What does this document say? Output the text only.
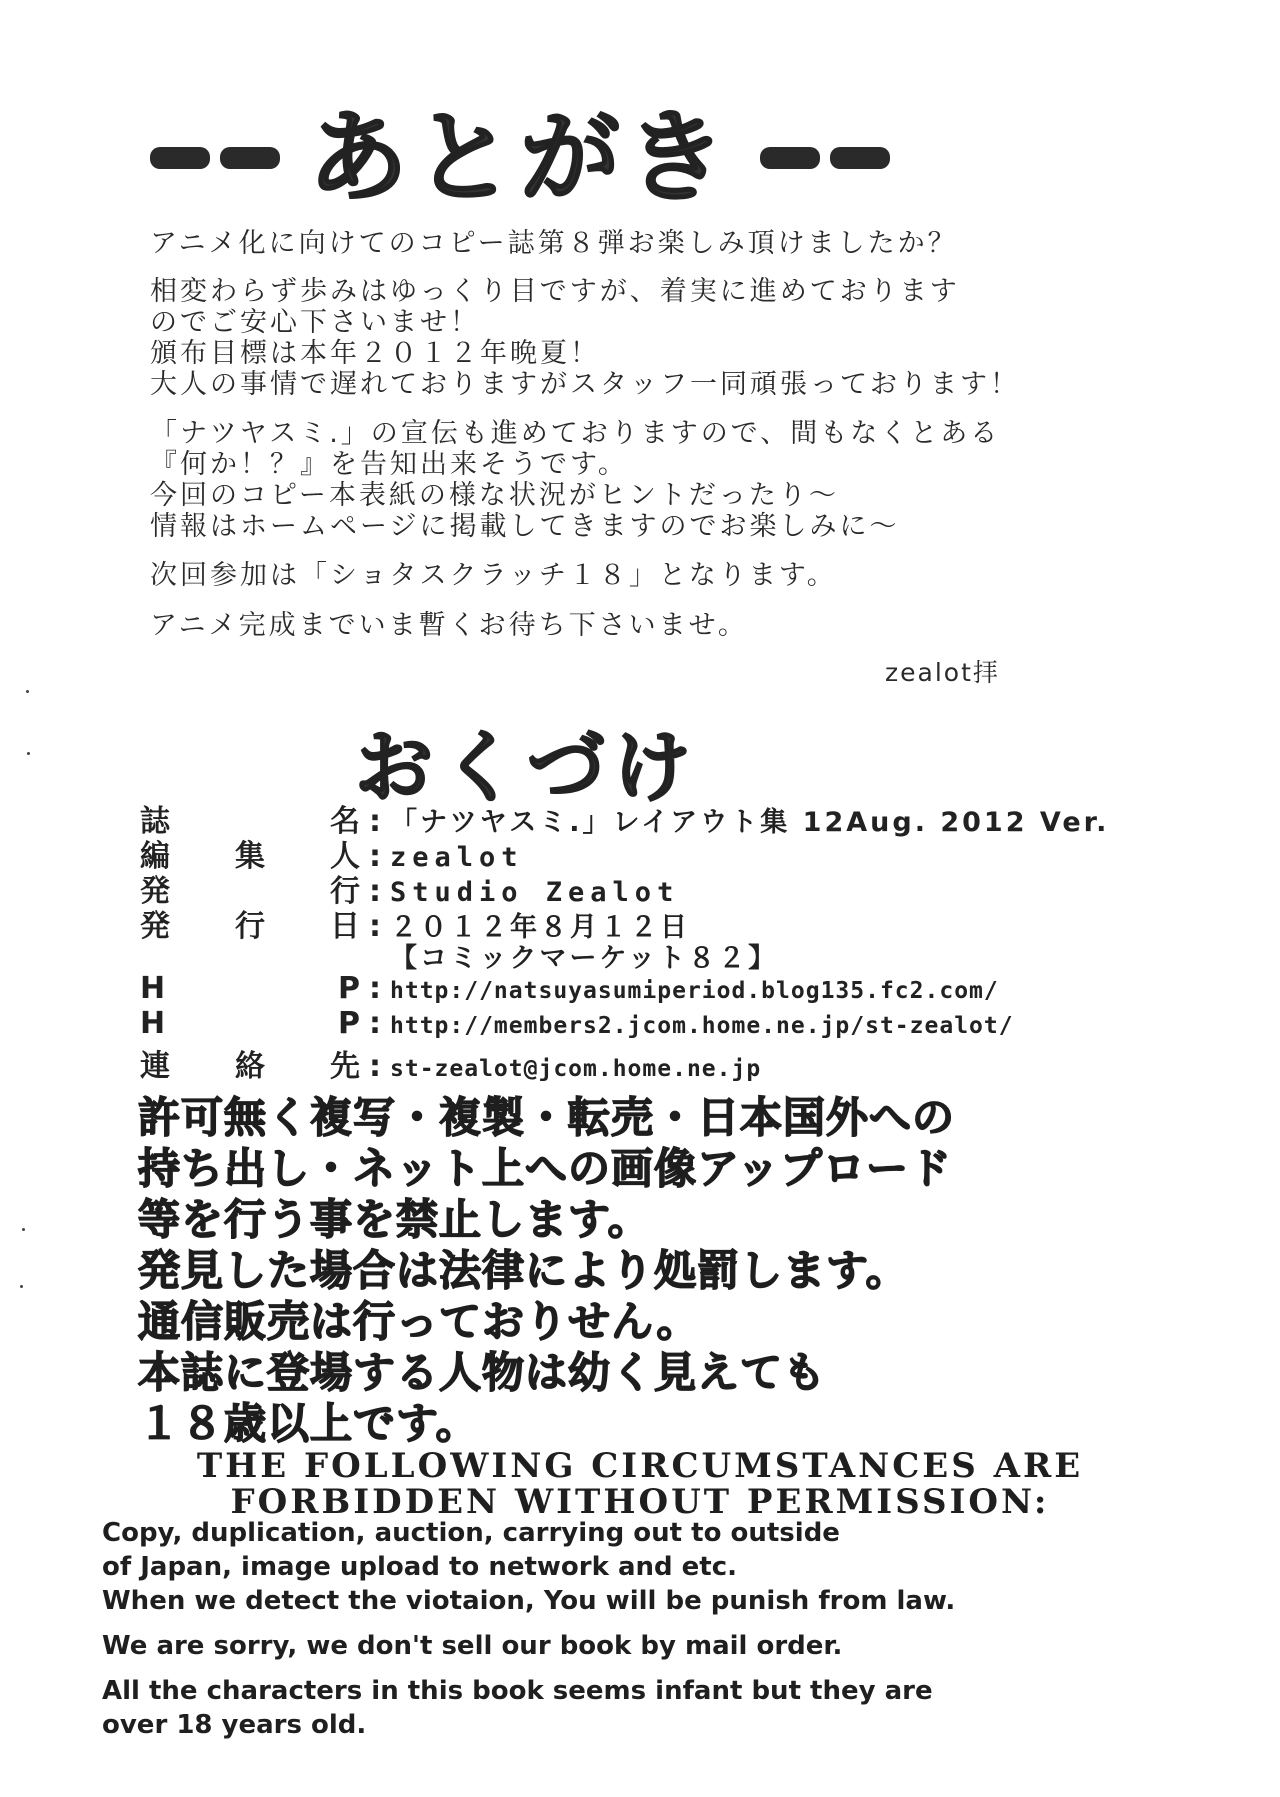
あとがき
アニメ化に向けてのコピー誌第８弾お楽しみ頂けましたか？
相変わらず歩みはゆっくり目ですが、着実に進めております
のでご安心下さいませ！
頒布目標は本年２０１２年晩夏！
大人の事情で遅れておりますがスタッフ一同頑張っております！
「ナツヤスミ.」の宣伝も進めておりますので、間もなくとある
『何か！？』を告知出来そうです。
今回のコピー本表紙の様な状況がヒントだったり～
情報はホームページに掲載してきますのでお楽しみに～
次回参加は「ショタスクラッチ１８」となります。
アニメ完成までいま暫くお待ち下さいませ。
zealot拝
おくづけ
誌	名 : 「ナツヤスミ.」レイアウト集 12Aug. 2012 Ver.
編 集 人 : zealot
発	行 : Studio Zealot
発 行 日 : ２０１２年８月１２日
【コミックマーケット８２】
H	P : http://natsuyasumiperiod.blog135.fc2.com/
H	P : http://members2.jcom.home.ne.jp/st-zealot/
連 絡 先 : st-zealot@jcom.home.ne.jp
許可無く複写・複製・転売・日本国外への
持ち出し・ネット上への画像アップロード
等を行う事を禁止します。
発見した場合は法律により処罰します。
通信販売は行っておりせん。
本誌に登場する人物は幼く見えても
１８歳以上です。
THE FOLLOWING CIRCUMSTANCES ARE
FORBIDDEN WITHOUT PERMISSION:
Copy, duplication, auction, carrying out to outside
of Japan, image upload to network and etc.
When we detect the viotaion, You will be punish from law.
We are sorry, we don't sell our book by mail order.
All the characters in this book seems infant but they are
over 18 years old.
